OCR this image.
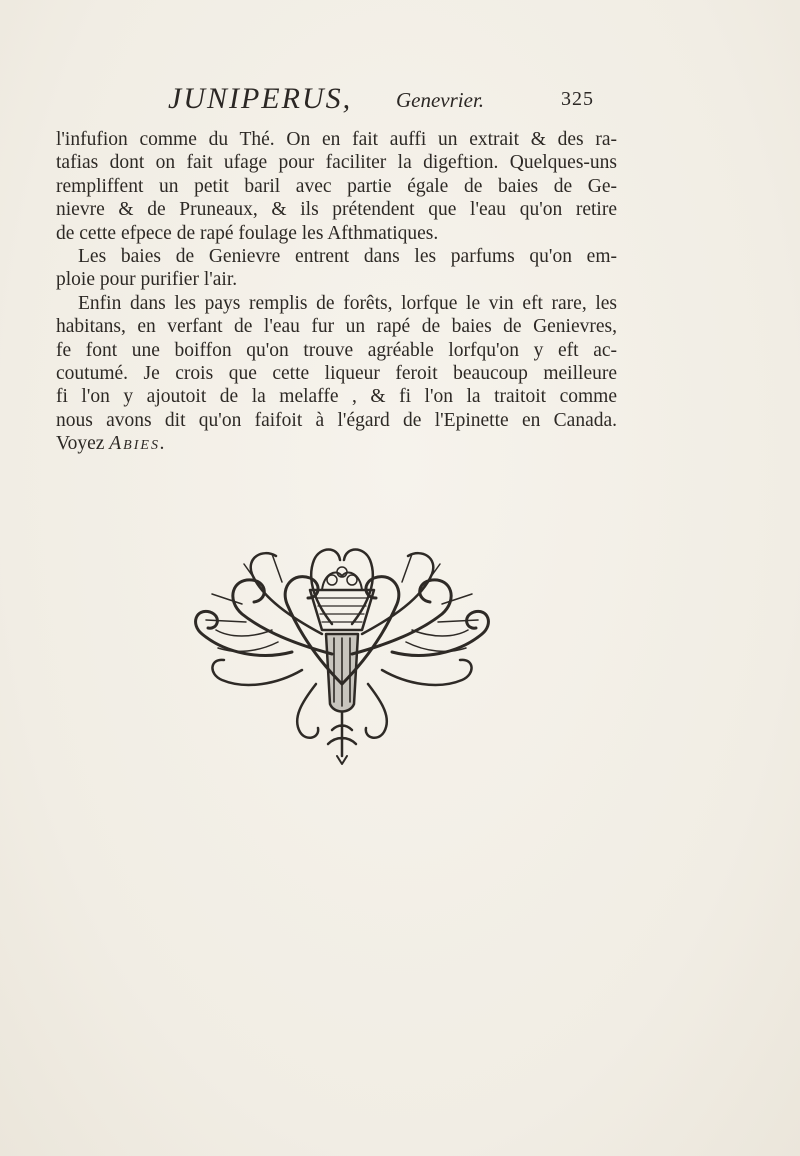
JUNIPERUS, Genevrier.	325
l'infufion comme du Thé. On en fait auffi un extrait & des ra-
tafias dont on fait ufage pour faciliter la digeftion. Quelques-uns
rempliffent un petit baril avec partie égale de baies de Ge-
nievre & de Pruneaux, & ils prétendent que l'eau qu'on retire
de cette efpece de rapé foulage les Afthmatiques.
Les baies de Genievre entrent dans les parfums qu'on em-
ploie pour purifier l'air.
Enfin dans les pays remplis de forêts, lorfque le vin eft rare, les
habitans, en verfant de l'eau fur un rapé de baies de Genievres,
fe font une boiffon qu'on trouve agréable lorfqu'on y eft ac-
coutumé. Je crois que cette liqueur feroit beaucoup meilleure
fi l'on y ajoutoit de la melaffe , & fi l'on la traitoit comme
nous avons dit qu'on faifoit à l'égard de l'Epinette en Canada.
Voyez Abies.
